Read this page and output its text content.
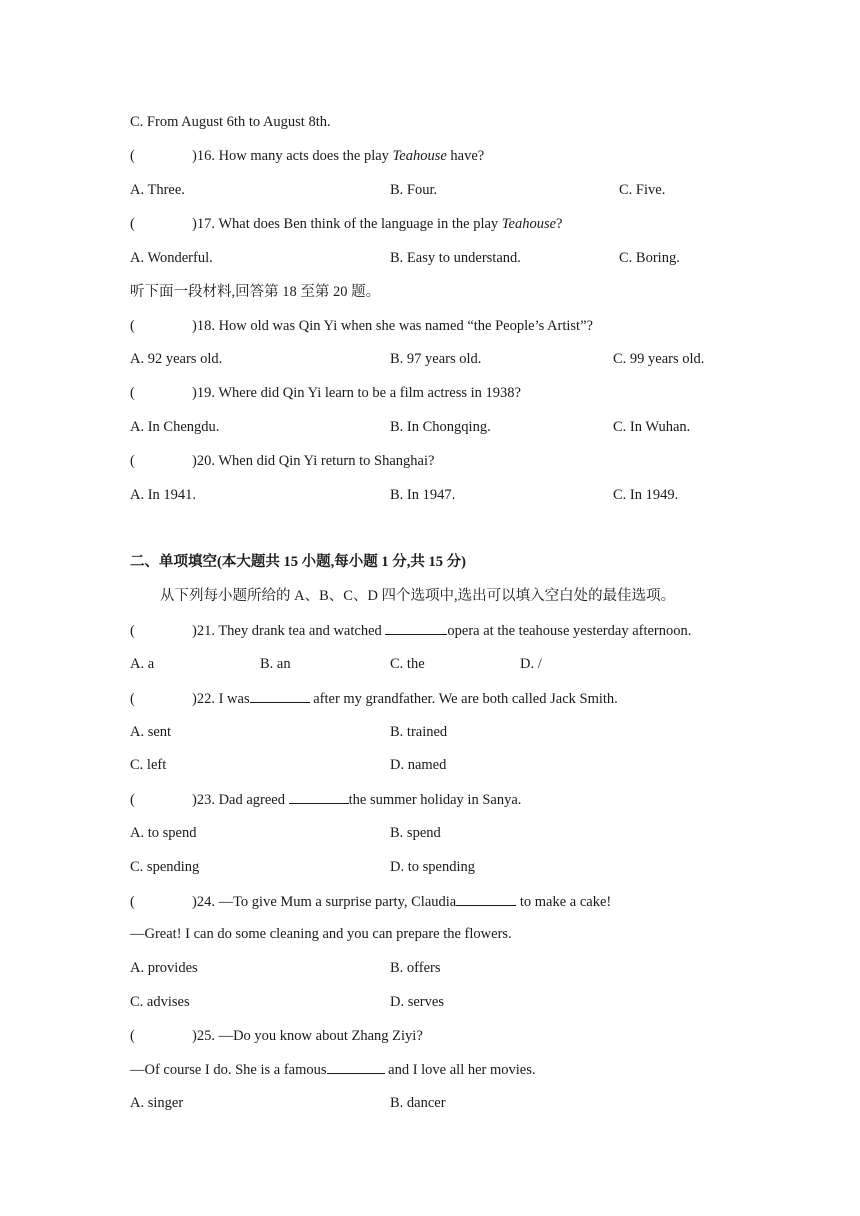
C. From August 6th to August 8th.
(	)16. How many acts does the play Teahouse have?
A. Three.	B. Four.	C. Five.
(	)17. What does Ben think of the language in the play Teahouse?
A. Wonderful.	B. Easy to understand.	C. Boring.
听下面一段材料,回答第 18 至第 20 题。
(	)18. How old was Qin Yi when she was named “the People’s Artist”?
A. 92 years old.	B. 97 years old.	C. 99 years old.
(	)19. Where did Qin Yi learn to be a film actress in 1938?
A. In Chengdu.	B. In Chongqing.	C. In Wuhan.
(	)20. When did Qin Yi return to Shanghai?
A. In 1941.	B. In 1947.	C. In 1949.
二、单项填空(本大题共 15 小题,每小题 1 分,共 15 分)
从下列每小题所给的 A、B、C、D 四个选项中,选出可以填入空白处的最佳选项。
(	)21. They drank tea and watched	opera at the teahouse yesterday afternoon.
A. a	B. an	C. the	D. /
(	)22. I was	after my grandfather. We are both called Jack Smith.
A. sent	B. trained
C. left	D. named
(	)23. Dad agreed	the summer holiday in Sanya.
A. to spend	B. spend
C. spending	D. to spending
(	)24. —To give Mum a surprise party, Claudia	to make a cake!
—Great! I can do some cleaning and you can prepare the flowers.
A. provides	B. offers
C. advises	D. serves
(	)25. —Do you know about Zhang Ziyi?
—Of course I do. She is a famous	and I love all her movies.
A. singer	B. dancer
